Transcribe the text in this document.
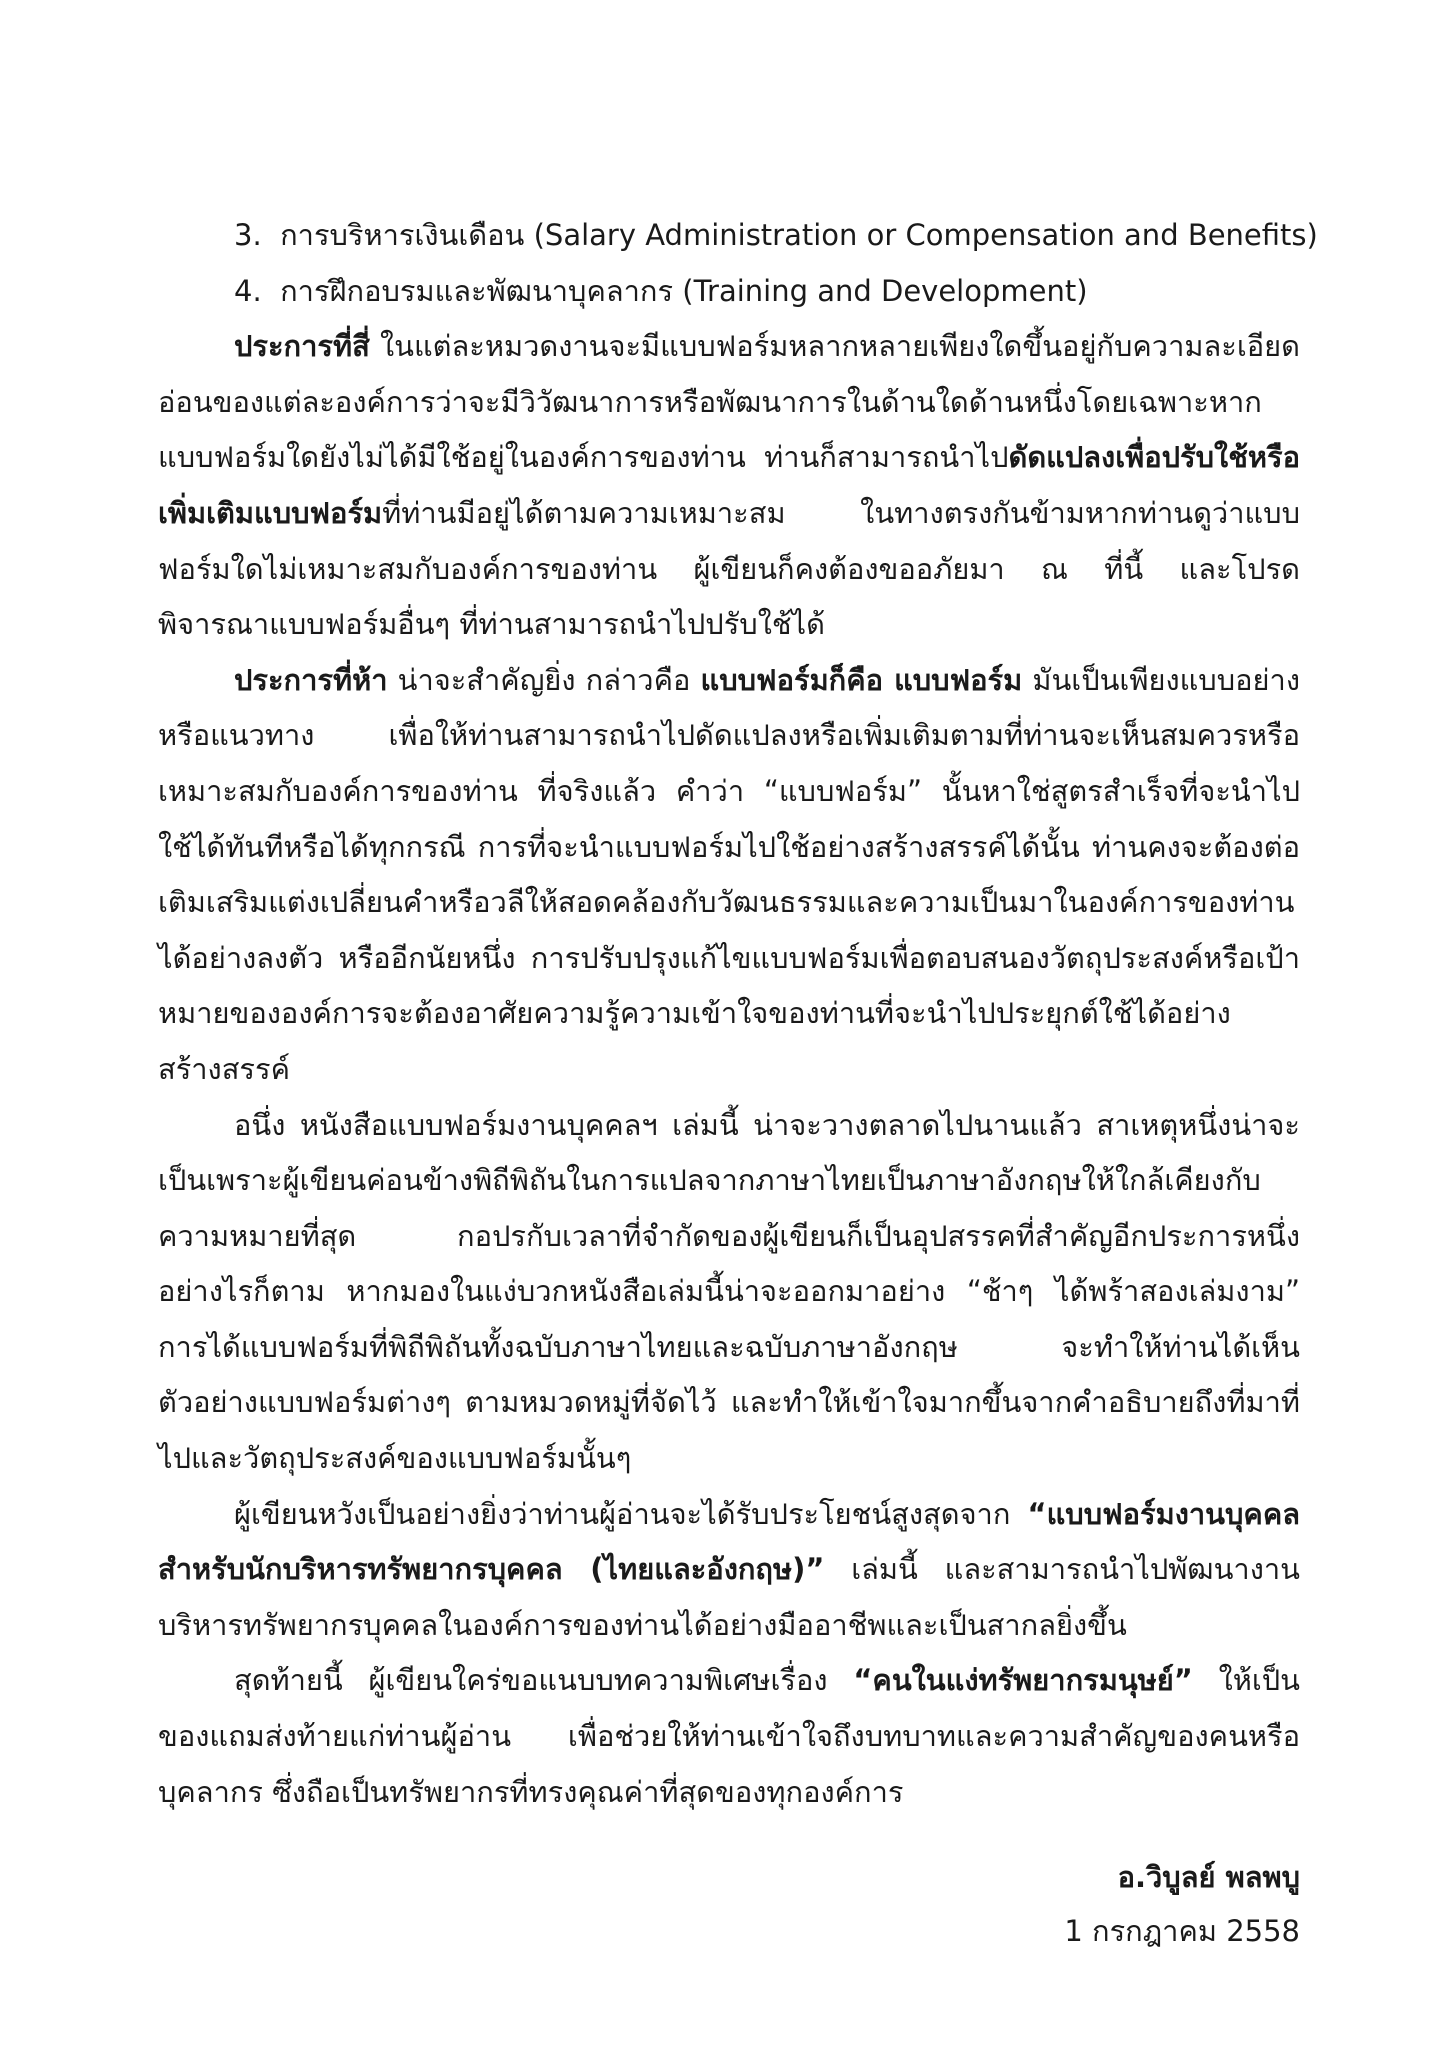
3. การบริหารเงินเดือน (Salary Administration or Compensation and Benefits)

4. การฝึกอบรมและพัฒนาบุคลากร (Training and Development)

ประการที่สี่ ในแต่ละหมวดงานจะมีแบบฟอร์มหลากหลายเพียงใดขึ้นอยู่กับความละเอียดอ่อนของแต่ละองค์การว่าจะมีวิวัฒนาการหรือพัฒนาการในด้านใดด้านหนึ่งโดยเฉพาะหากแบบฟอร์มใดยังไม่ได้มีใช้อยู่ในองค์การของท่าน ท่านก็สามารถนำไปดัดแปลงเพื่อปรับใช้หรือเพิ่มเติมแบบฟอร์มที่ท่านมีอยู่ได้ตามความเหมาะสม ในทางตรงกันข้ามหากท่านดูว่าแบบฟอร์มใดไม่เหมาะสมกับองค์การของท่าน ผู้เขียนก็คงต้องขออภัยมา ณ ที่นี้ และโปรดพิจารณาแบบฟอร์มอื่นๆ ที่ท่านสามารถนำไปปรับใช้ได้

ประการที่ห้า น่าจะสำคัญยิ่ง กล่าวคือ แบบฟอร์มก็คือ แบบฟอร์ม มันเป็นเพียงแบบอย่างหรือแนวทาง เพื่อให้ท่านสามารถนำไปดัดแปลงหรือเพิ่มเติมตามที่ท่านจะเห็นสมควรหรือเหมาะสมกับองค์การของท่าน ที่จริงแล้ว คำว่า “แบบฟอร์ม” นั้นหาใช่สูตรสำเร็จที่จะนำไปใช้ได้ทันทีหรือได้ทุกกรณี การที่จะนำแบบฟอร์มไปใช้อย่างสร้างสรรค์ได้นั้น ท่านคงจะต้องต่อเติมเสริมแต่งเปลี่ยนคำหรือวลีให้สอดคล้องกับวัฒนธรรมและความเป็นมาในองค์การของท่านได้อย่างลงตัว หรืออีกนัยหนึ่ง การปรับปรุงแก้ไขแบบฟอร์มเพื่อตอบสนองวัตถุประสงค์หรือเป้าหมายขององค์การจะต้องอาศัยความรู้ความเข้าใจของท่านที่จะนำไปประยุกต์ใช้ได้อย่างสร้างสรรค์

อนึ่ง หนังสือแบบฟอร์มงานบุคคลฯ เล่มนี้ น่าจะวางตลาดไปนานแล้ว สาเหตุหนึ่งน่าจะเป็นเพราะผู้เขียนค่อนข้างพิถีพิถันในการแปลจากภาษาไทยเป็นภาษาอังกฤษให้ใกล้เคียงกับความหมายที่สุด กอปรกับเวลาที่จำกัดของผู้เขียนก็เป็นอุปสรรคที่สำคัญอีกประการหนึ่ง อย่างไรก็ตาม หากมองในแง่บวกหนังสือเล่มนี้น่าจะออกมาอย่าง “ช้าๆ ได้พร้าสองเล่มงาม” การได้แบบฟอร์มที่พิถีพิถันทั้งฉบับภาษาไทยและฉบับภาษาอังกฤษ จะทำให้ท่านได้เห็นตัวอย่างแบบฟอร์มต่างๆ ตามหมวดหมู่ที่จัดไว้ และทำให้เข้าใจมากขึ้นจากคำอธิบายถึงที่มาที่ไปและวัตถุประสงค์ของแบบฟอร์มนั้นๆ

ผู้เขียนหวังเป็นอย่างยิ่งว่าท่านผู้อ่านจะได้รับประโยชน์สูงสุดจาก “แบบฟอร์มงานบุคคลสำหรับนักบริหารทรัพยากรบุคคล (ไทยและอังกฤษ)” เล่มนี้ และสามารถนำไปพัฒนางานบริหารทรัพยากรบุคคลในองค์การของท่านได้อย่างมืออาชีพและเป็นสากลยิ่งขึ้น

สุดท้ายนี้ ผู้เขียนใคร่ขอแนบบทความพิเศษเรื่อง “คนในแง่ทรัพยากรมนุษย์” ให้เป็นของแถมส่งท้ายแก่ท่านผู้อ่าน เพื่อช่วยให้ท่านเข้าใจถึงบทบาทและความสำคัญของคนหรือบุคลากร ซึ่งถือเป็นทรัพยากรที่ทรงคุณค่าที่สุดของทุกองค์การ

อ.วิบูลย์ พลพบู
1 กรกฎาคม 2558
